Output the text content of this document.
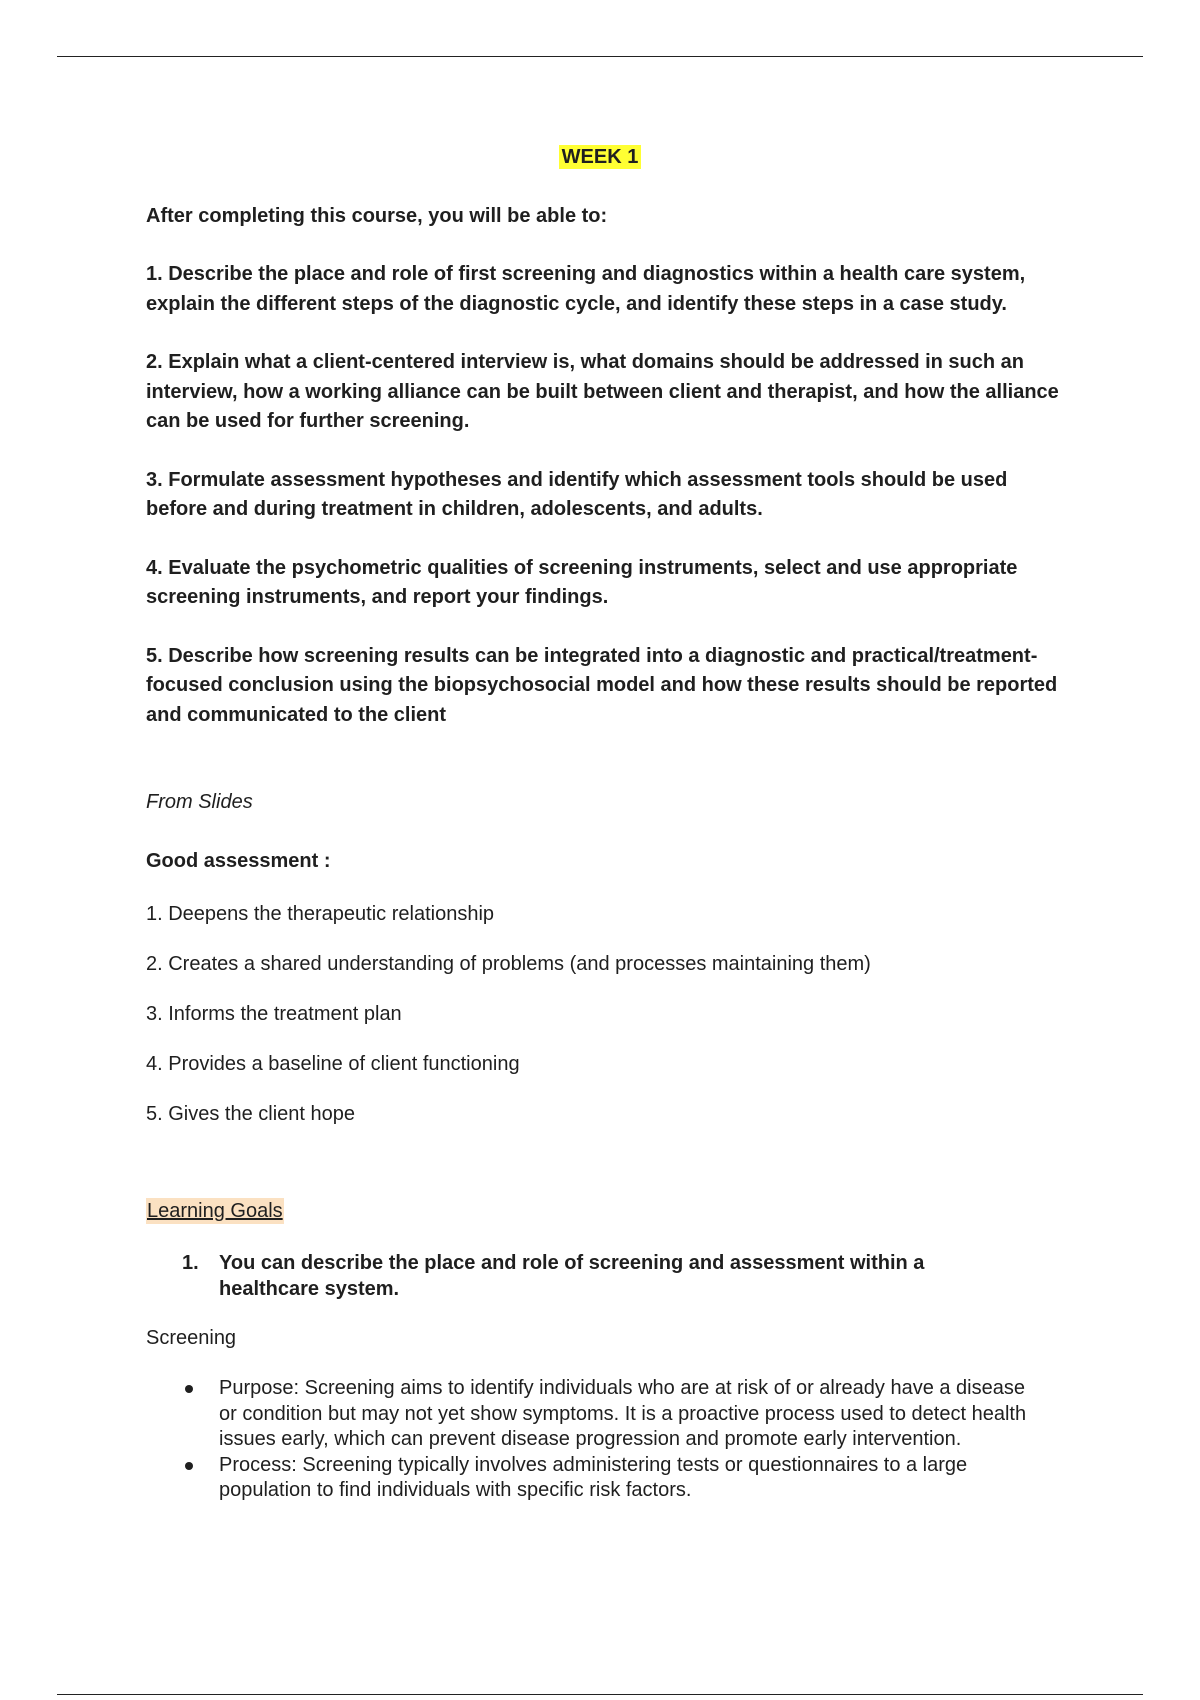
WEEK 1
After completing this course, you will be able to:
1. Describe the place and role of first screening and diagnostics within a health care system, explain the different steps of the diagnostic cycle, and identify these steps in a case study.
2. Explain what a client-centered interview is, what domains should be addressed in such an interview, how a working alliance can be built between client and therapist, and how the alliance can be used for further screening.
3. Formulate assessment hypotheses and identify which assessment tools should be used before and during treatment in children, adolescents, and adults.
4. Evaluate the psychometric qualities of screening instruments, select and use appropriate screening instruments, and report your findings.
5. Describe how screening results can be integrated into a diagnostic and practical/treatment-focused conclusion using the biopsychosocial model and how these results should be reported and communicated to the client
From Slides
Good assessment :
1. Deepens the therapeutic relationship
2. Creates a shared understanding of problems (and processes maintaining them)
3. Informs the treatment plan
4. Provides a baseline of client functioning
5. Gives the client hope
Learning Goals
1.	You can describe the place and role of screening and assessment within a healthcare system.
Screening
Purpose: Screening aims to identify individuals who are at risk of or already have a disease or condition but may not yet show symptoms. It is a proactive process used to detect health issues early, which can prevent disease progression and promote early intervention.
Process: Screening typically involves administering tests or questionnaires to a large population to find individuals with specific risk factors.
